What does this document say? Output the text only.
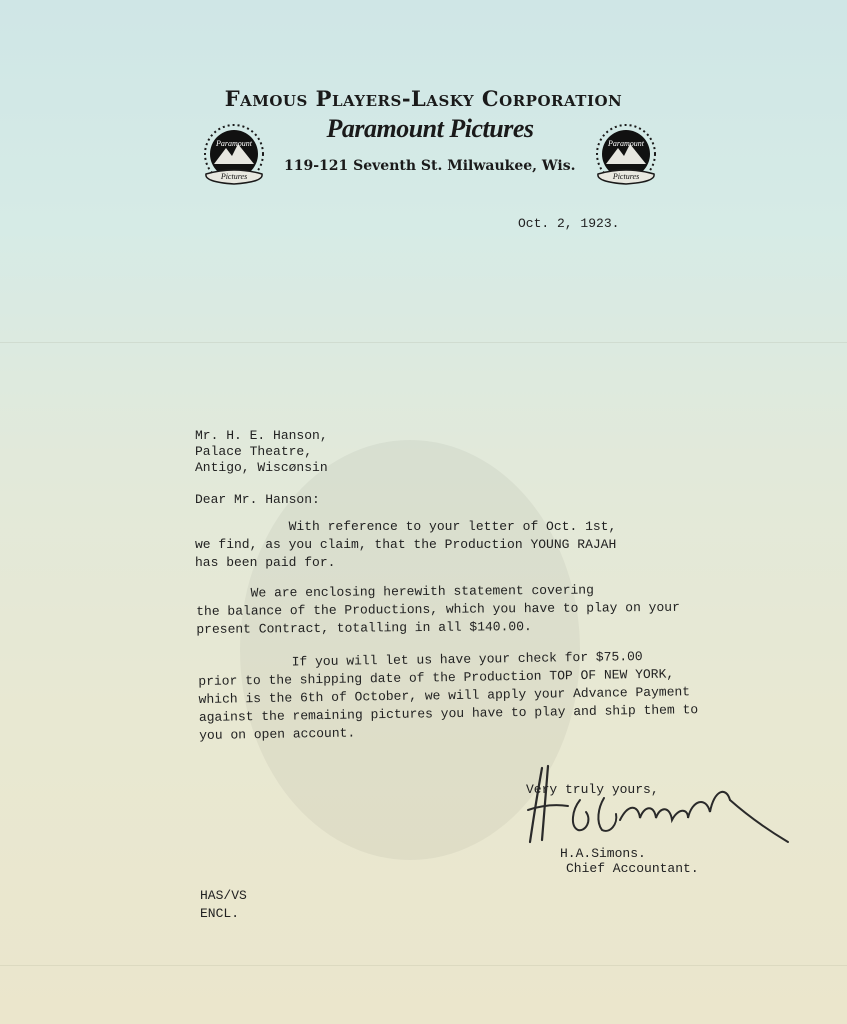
Famous Players-Lasky Corporation
Paramount Pictures
119-121 Seventh St. Milwaukee, Wis.
Paramount
Pictures
Paramount
Pictures
Oct. 2, 1923.
Mr. H. E. Hanson,
Palace Theatre,
Antigo, Wiscønsin
Dear Mr. Hanson:
With reference to your letter of Oct. 1st,
we find, as you claim, that the Production YOUNG RAJAH
has been paid for.
We are enclosing herewith statement covering
the balance of the Productions, which you have to play on your
present Contract, totalling in all $140.00.
If you will let us have your check for $75.00
prior to the shipping date of the Production TOP OF NEW YORK,
which is the 6th of October, we will apply your Advance Payment
against the remaining pictures you have to play and ship them to
you on open account.
Very truly yours,
H.A.Simons.
Chief Accountant.
HAS/VS
ENCL.
